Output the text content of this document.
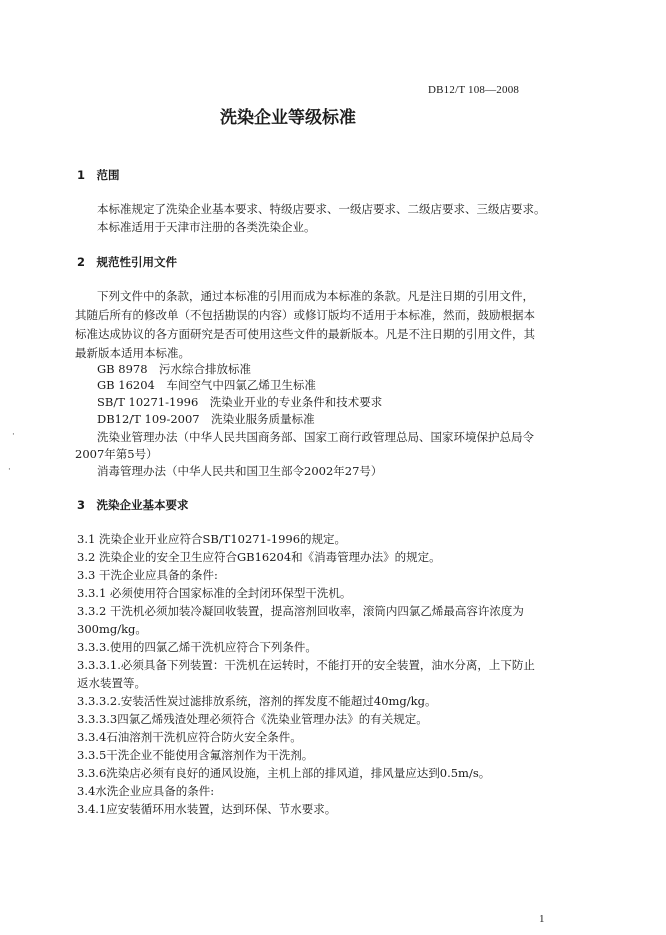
DB12/T 108—2008
洗染企业等级标准
1　范围
本标准规定了洗染企业基本要求、特级店要求、一级店要求、二级店要求、三级店要求。
本标准适用于天津市注册的各类洗染企业。
2　规范性引用文件
下列文件中的条款，通过本标准的引用而成为本标准的条款。凡是注日期的引用文件，
其随后所有的修改单（不包括勘误的内容）或修订版均不适用于本标准，然而，鼓励根据本
标准达成协议的各方面研究是否可使用这些文件的最新版本。凡是不注日期的引用文件，其
最新版本适用本标准。
GB 8978　污水综合排放标准
GB 16204　车间空气中四氯乙烯卫生标准
SB/T 10271-1996　洗染业开业的专业条件和技术要求
DB12/T 109-2007　洗染业服务质量标准
洗染业管理办法（中华人民共国商务部、国家工商行政管理总局、国家环境保护总局令
2007年第5号）
消毒管理办法（中华人民共和国卫生部令2002年27号）
3　洗染企业基本要求
3.1 洗染企业开业应符合SB/T10271-1996的规定。
3.2 洗染企业的安全卫生应符合GB16204和《消毒管理办法》的规定。
3.3 干洗企业应具备的条件:
3.3.1 必须使用符合国家标准的全封闭环保型干洗机。
3.3.2 干洗机必须加装冷凝回收装置，提高溶剂回收率，滚筒内四氯乙烯最高容许浓度为
300mg/kg。
3.3.3.使用的四氯乙烯干洗机应符合下列条件。
3.3.3.1.必须具备下列装置：干洗机在运转时，不能打开的安全装置，油水分离，上下防止
返水装置等。
3.3.3.2.安装活性炭过滤排放系统，溶剂的挥发度不能超过40mg/kg。
3.3.3.3四氯乙烯残渣处理必须符合《洗染业管理办法》的有关规定。
3.3.4石油溶剂干洗机应符合防火安全条件。
3.3.5干洗企业不能使用含氟溶剂作为干洗剂。
3.3.6洗染店必须有良好的通风设施，主机上部的排风道，排风量应达到0.5m/s。
3.4水洗企业应具备的条件:
3.4.1应安装循环用水装置，达到环保、节水要求。
·
·
1
